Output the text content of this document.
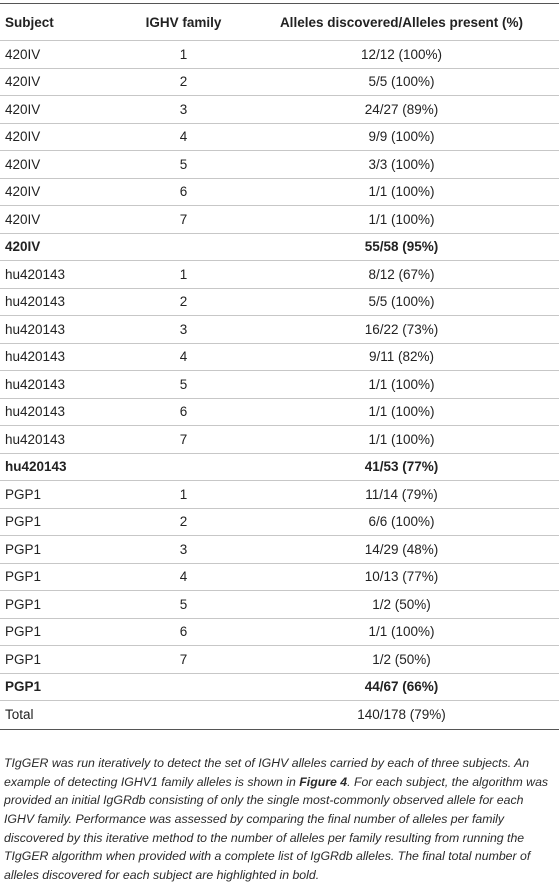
Subject	IGHV family	Alleles discovered/Alleles present (%)
420IV	1	12/12 (100%)
420IV	2	5/5 (100%)
420IV	3	24/27 (89%)
420IV	4	9/9 (100%)
420IV	5	3/3 (100%)
420IV	6	1/1 (100%)
420IV	7	1/1 (100%)
420IV		55/58 (95%)
hu420143	1	8/12 (67%)
hu420143	2	5/5 (100%)
hu420143	3	16/22 (73%)
hu420143	4	9/11 (82%)
hu420143	5	1/1 (100%)
hu420143	6	1/1 (100%)
hu420143	7	1/1 (100%)
hu420143		41/53 (77%)
PGP1	1	11/14 (79%)
PGP1	2	6/6 (100%)
PGP1	3	14/29 (48%)
PGP1	4	10/13 (77%)
PGP1	5	1/2 (50%)
PGP1	6	1/1 (100%)
PGP1	7	1/2 (50%)
PGP1		44/67 (66%)
Total		140/178 (79%)

TIgGER was run iteratively to detect the set of IGHV alleles carried by each of three subjects. An example of detecting IGHV1 family alleles is shown in Figure 4. For each subject, the algorithm was provided an initial IgGRdb consisting of only the single most-commonly observed allele for each IGHV family. Performance was assessed by comparing the final number of alleles per family discovered by this iterative method to the number of alleles per family resulting from running the TIgGER algorithm when provided with a complete list of IgGRdb alleles. The final total number of alleles discovered for each subject are highlighted in bold.
